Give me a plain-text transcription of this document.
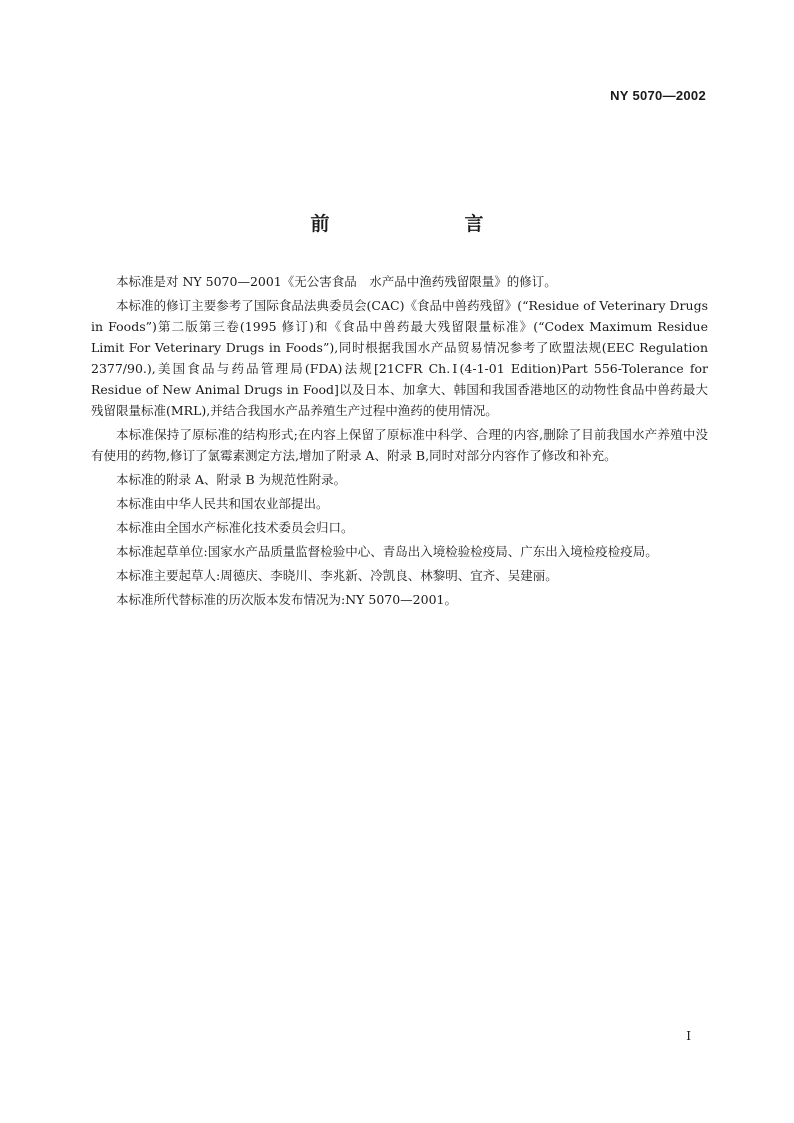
NY 5070—2002
前　言

本标准是对 NY 5070—2001《无公害食品　水产品中渔药残留限量》的修订。

本标准的修订主要参考了国际食品法典委员会(CAC)《食品中兽药残留》(“Residue of Veterinary Drugs in Foods”)第二版第三卷(1995 修订)和《食品中兽药最大残留限量标准》(“Codex Maximum Residue Limit For Veterinary Drugs in Foods”),同时根据我国水产品贸易情况参考了欧盟法规(EEC Regulation 2377/90.),美国食品与药品管理局(FDA)法规[21CFR Ch.Ⅰ(4-1-01 Edition)Part 556-Tolerance for Residue of New Animal Drugs in Food]以及日本、加拿大、韩国和我国香港地区的动物性食品中兽药最大残留限量标准(MRL),并结合我国水产品养殖生产过程中渔药的使用情况。

本标准保持了原标准的结构形式;在内容上保留了原标准中科学、合理的内容,删除了目前我国水产养殖中没有使用的药物,修订了氯霉素测定方法,增加了附录 A、附录 B,同时对部分内容作了修改和补充。

本标准的附录 A、附录 B 为规范性附录。

本标准由中华人民共和国农业部提出。

本标准由全国水产标准化技术委员会归口。

本标准起草单位:国家水产品质量监督检验中心、青岛出入境检验检疫局、广东出入境检疫检疫局。

本标准主要起草人:周德庆、李晓川、李兆新、冷凯良、林黎明、宜齐、吴建丽。

本标准所代替标准的历次版本发布情况为:NY 5070—2001。

I
